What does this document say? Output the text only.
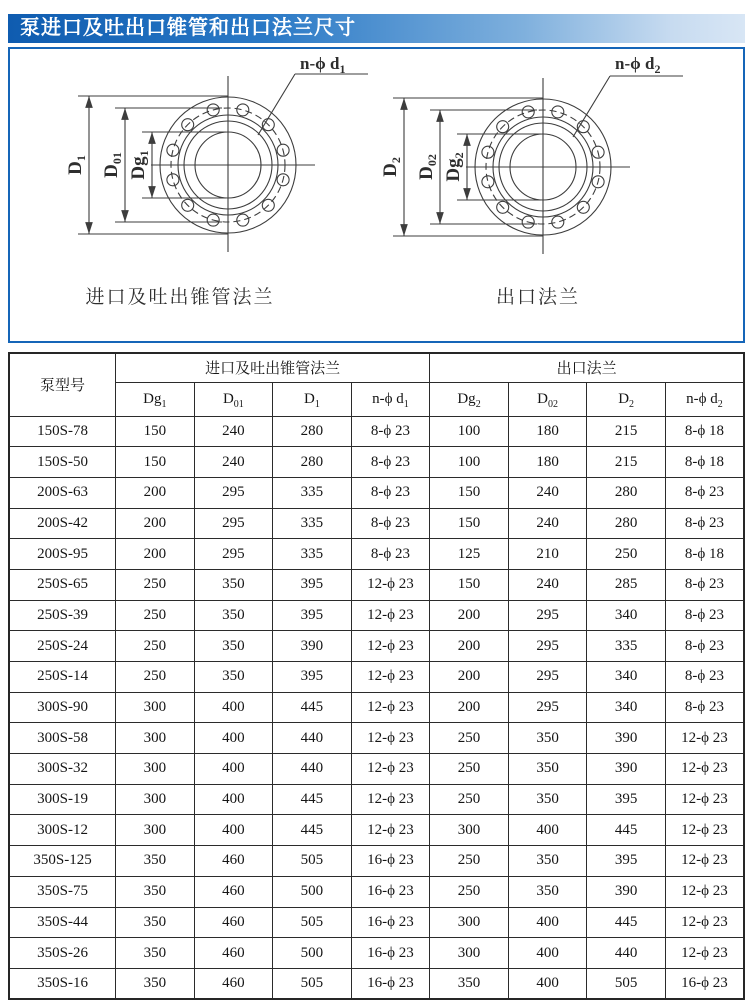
泵进口及吐出口锥管和出口法兰尺寸
$D_1$
$D_{01}$ $Dg_1$
n-ϕ $d_1$
$D_2$
$D_{02}$ $Dg_2$
n-ϕ $d_2$
进口及吐出锥管法兰	出口法兰
泵型号	进口及吐出锥管法兰				出口法兰			
	$Dg_1$	$D_{01}$	$D_1$	n-ϕ $d_1$	$Dg_2$	$D_{02}$	$D_2$	n-ϕ $d_2$
150S-78	150	240	280	8-ϕ 23	100	180	215	8-ϕ 18
150S-50	150	240	280	8-ϕ 23	100	180	215	8-ϕ 18
200S-63	200	295	335	8-ϕ 23	150	240	280	8-ϕ 23
200S-42	200	295	335	8-ϕ 23	150	240	280	8-ϕ 23
200S-95	200	295	335	8-ϕ 23	125	210	250	8-ϕ 18
250S-65	250	350	395	12-ϕ 23	150	240	285	8-ϕ 23
250S-39	250	350	395	12-ϕ 23	200	295	340	8-ϕ 23
250S-24	250	350	390	12-ϕ 23	200	295	335	8-ϕ 23
250S-14	250	350	395	12-ϕ 23	200	295	340	8-ϕ 23
300S-90	300	400	445	12-ϕ 23	200	295	340	8-ϕ 23
300S-58	300	400	440	12-ϕ 23	250	350	390	12-ϕ 23
300S-32	300	400	440	12-ϕ 23	250	350	390	12-ϕ 23
300S-19	300	400	445	12-ϕ 23	250	350	395	12-ϕ 23
300S-12	300	400	445	12-ϕ 23	300	400	445	12-ϕ 23
350S-125	350	460	505	16-ϕ 23	250	350	395	12-ϕ 23
350S-75	350	460	500	16-ϕ 23	250	350	390	12-ϕ 23
350S-44	350	460	505	16-ϕ 23	300	400	445	12-ϕ 23
350S-26	350	460	500	16-ϕ 23	300	400	440	12-ϕ 23
350S-16	350	460	505	16-ϕ 23	350	400	505	16-ϕ 23
